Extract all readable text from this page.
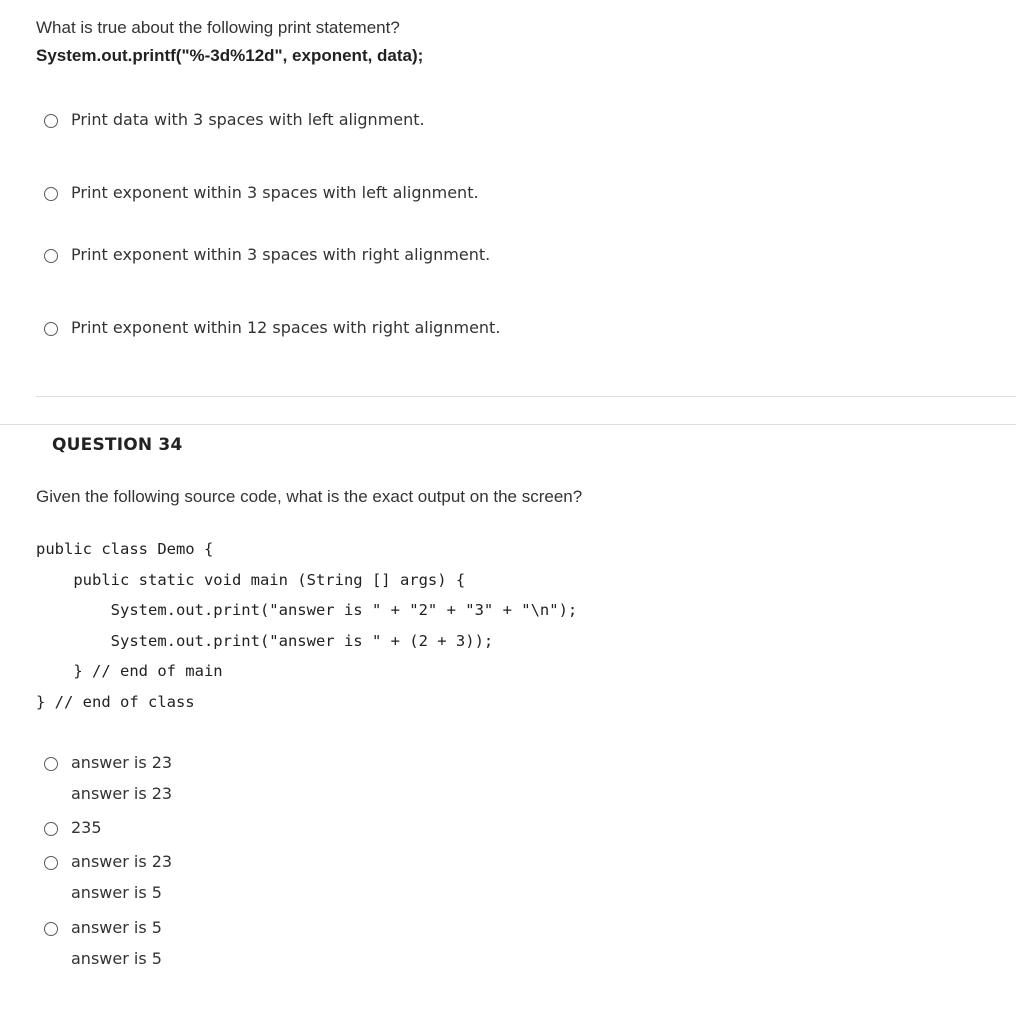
What is true about the following print statement?
System.out.printf("%-3d%12d", exponent, data);
Print data with 3 spaces with left alignment.
Print exponent within 3 spaces with left alignment.
Print exponent within 3 spaces with right alignment.
Print exponent within 12 spaces with right alignment.
QUESTION 34
Given the following source code, what is the exact output on the screen?
public class Demo {
public static void main (String [] args) {
System.out.print("answer is " + "2" + "3" + "\n");
System.out.print("answer is " + (2 + 3));
} // end of main
} // end of class
answer is 23
answer is 23
235
answer is 23
answer is 5
answer is 5
answer is 5
